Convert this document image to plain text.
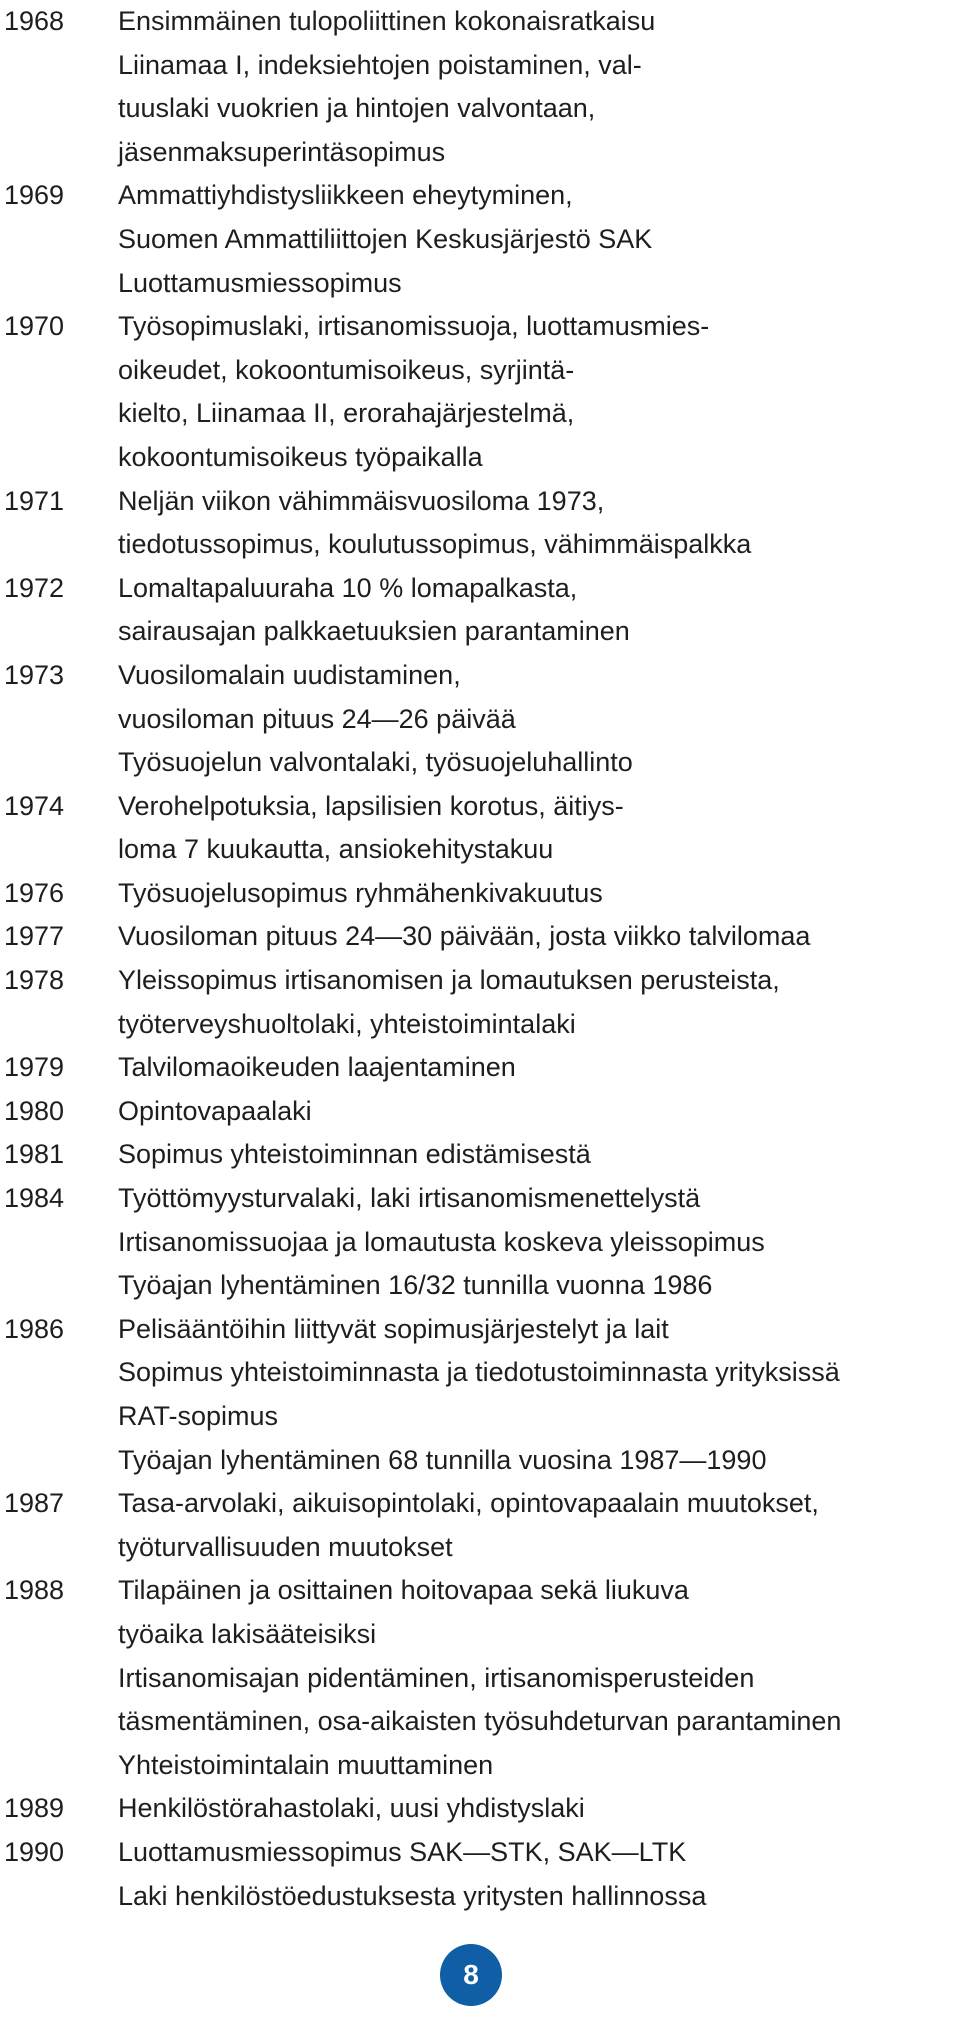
1968	Ensimmäinen tulopoliittinen kokonaisratkaisu
Liinamaa I, indeksiehtojen poistaminen, val-
tuuslaki vuokrien ja hintojen valvontaan,
jäsenmaksuperintäsopimus
1969	Ammattiyhdistysliikkeen eheytyminen,
Suomen Ammattiliittojen Keskusjärjestö SAK
Luottamusmiessopimus
1970	Työsopimuslaki, irtisanomissuoja, luottamusmies-
oikeudet, kokoontumisoikeus, syrjintä-
kielto, Liinamaa II, erorahajärjestelmä,
kokoontumisoikeus työpaikalla
1971	Neljän viikon vähimmäisvuosiloma 1973,
tiedotussopimus, koulutussopimus, vähimmäispalkka
1972	Lomaltapaluuraha 10 % lomapalkasta,
sairausajan palkkaetuuksien parantaminen
1973	Vuosilomalain uudistaminen,
vuosiloman pituus 24—26 päivää
Työsuojelun valvontalaki, työsuojeluhallinto
1974	Verohelpotuksia, lapsilisien korotus, äitiys-
loma 7 kuukautta, ansiokehitystakuu
1976	Työsuojelusopimus ryhmähenkivakuutus
1977	Vuosiloman pituus 24—30 päivään, josta viikko talvilomaa
1978	Yleissopimus irtisanomisen ja lomautuksen perusteista,
työterveyshuoltolaki, yhteistoimintalaki
1979	Talvilomaoikeuden laajentaminen
1980	Opintovapaalaki
1981	Sopimus yhteistoiminnan edistämisestä
1984	Työttömyysturvalaki, laki irtisanomismenettelystä
Irtisanomissuojaa ja lomautusta koskeva yleissopimus
Työajan lyhentäminen 16/32 tunnilla vuonna 1986
1986	Pelisääntöihin liittyvät sopimusjärjestelyt ja lait
Sopimus yhteistoiminnasta ja tiedotustoiminnasta yrityksissä
RAT-sopimus
Työajan lyhentäminen 68 tunnilla vuosina 1987—1990
1987	Tasa-arvolaki, aikuisopintolaki, opintovapaalain muutokset,
työturvallisuuden muutokset
1988	Tilapäinen ja osittainen hoitovapaa sekä liukuva
työaika lakisääteisiksi
Irtisanomisajan pidentäminen, irtisanomisperusteiden
täsmentäminen, osa-aikaisten työsuhdeturvan parantaminen
Yhteistoimintalain muuttaminen
1989	Henkilöstörahastolaki, uusi yhdistyslaki
1990	Luottamusmiessopimus SAK—STK, SAK—LTK
Laki henkilöstöedustuksesta yritysten hallinnossa
8
